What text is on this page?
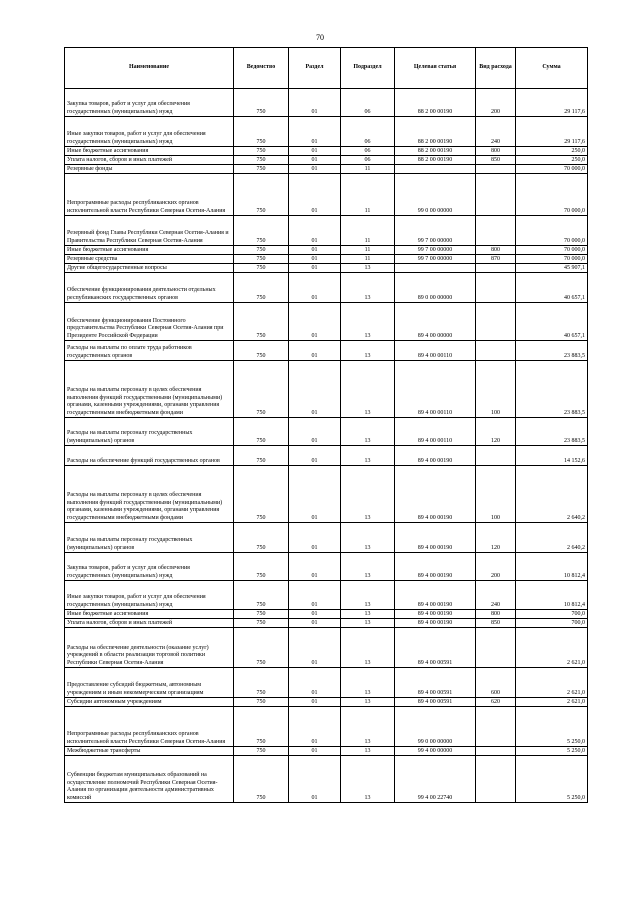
70
Наименование	Ведомство	Раздел	Подраздел	Целевая статья	Вид расхода	Сумма
Закупка товаров, работ и услуг для обеспечения государственных (муниципальных) нужд	750	01	06	88 2 00 00190	200	29 117,6
Иные закупки товаров, работ и услуг для обеспечения государственных (муниципальных) нужд	750	01	06	88 2 00 00190	240	29 117,6
Иные бюджетные ассигнования	750	01	06	88 2 00 00190	800	250,0
Уплата налогов, сборов и иных платежей	750	01	06	88 2 00 00190	850	250,0
Резервные фонды	750	01	11			70 000,0
Непрограммные расходы республиканских органов исполнительной власти Республики Северная Осетия-Алания	750	01	11	99 0 00 00000		70 000,0
Резервный фонд Главы Республики Северная Осетия-Алания и Правительства Республики Северная Осетия-Алания	750	01	11	99 7 00 00000		70 000,0
Иные бюджетные ассигнования	750	01	11	99 7 00 00000	800	70 000,0
Резервные средства	750	01	11	99 7 00 00000	870	70 000,0
Другие общегосударственные вопросы	750	01	13			45 907,1
Обеспечение функционирования деятельности отдельных республиканских государственных органов	750	01	13	89 0 00 00000		40 657,1
Обеспечение функционирования Постоянного представительства Республики Северная Осетия-Алания при Президенте Российской Федерации	750	01	13	89 4 00 00000		40 657,1
Расходы на выплаты по оплате труда работников государственных органов	750	01	13	89 4 00 00110		23 883,5
Расходы на выплаты персоналу в целях обеспечения выполнения функций государственными (муниципальными) органами, казенными учреждениями, органами управления государственными внебюджетными фондами	750	01	13	89 4 00 00110	100	23 883,5
Расходы на выплаты персоналу государственных (муниципальных) органов	750	01	13	89 4 00 00110	120	23 883,5
Расходы на обеспечение функций государственных органов	750	01	13	89 4 00 00190		14 152,6
Расходы на выплаты персоналу в целях обеспечения выполнения функций государственными (муниципальными) органами, казенными учреждениями, органами управления государственными внебюджетными фондами	750	01	13	89 4 00 00190	100	2 640,2
Расходы на выплаты персоналу государственных (муниципальных) органов	750	01	13	89 4 00 00190	120	2 640,2
Закупка товаров, работ и услуг для обеспечения государственных (муниципальных) нужд	750	01	13	89 4 00 00190	200	10 812,4
Иные закупки товаров, работ и услуг для обеспечения государственных (муниципальных) нужд	750	01	13	89 4 00 00190	240	10 812,4
Иные бюджетные ассигнования	750	01	13	89 4 00 00190	800	700,0
Уплата налогов, сборов и иных платежей	750	01	13	89 4 00 00190	850	700,0
Расходы на обеспечение деятельности (оказание услуг) учреждений в области реализации торговой политики Республики Северная Осетия-Алания	750	01	13	89 4 00 00591		2 621,0
Предоставление субсидий бюджетным, автономным учреждениям и иным некоммерческим организациям	750	01	13	89 4 00 00591	600	2 621,0
Субсидии автономным учреждениям	750	01	13	89 4 00 00591	620	2 621,0
Непрограммные расходы республиканских органов исполнительной власти Республики Северная Осетия-Алания	750	01	13	99 0 00 00000		5 250,0
Межбюджетные трансферты	750	01	13	99 4 00 00000		5 250,0
Субвенции бюджетам муниципальных образований на осуществление полномочий Республики Северная Осетия-Алания по организации деятельности административных комиссий	750	01	13	99 4 00 22740		5 250,0
